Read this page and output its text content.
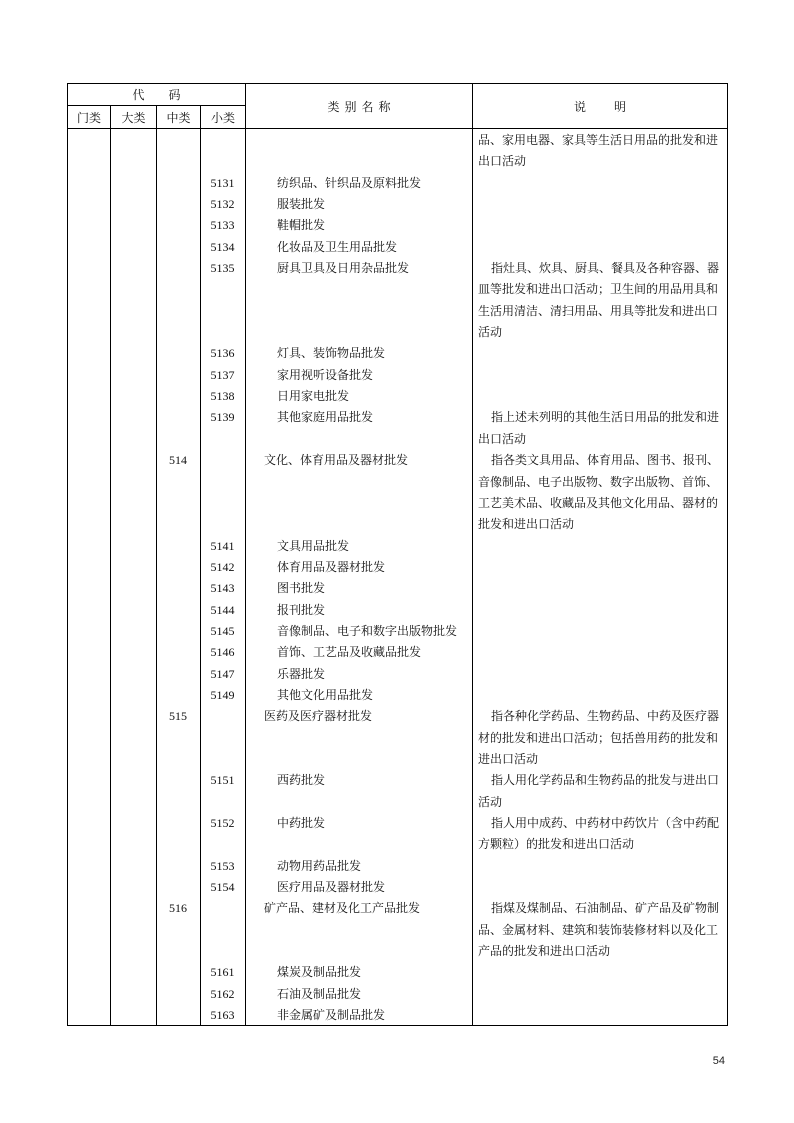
代 码
门类	大类	中类	小类
类 别 名 称	说 明
品、家用电器、家具等生活日用品的批发和进
出口活动
5131	纺织品、针织品及原料批发
5132	服装批发
5133	鞋帽批发
5134	化妆品及卫生用品批发
5135	厨具卫具及日用杂品批发	指灶具、炊具、厨具、餐具及各种容器、器
皿等批发和进出口活动；卫生间的用品用具和
生活用清洁、清扫用品、用具等批发和进出口
活动
5136	灯具、装饰物品批发
5137	家用视听设备批发
5138	日用家电批发
5139	其他家庭用品批发	指上述未列明的其他生活日用品的批发和进
出口活动
514	文化、体育用品及器材批发	指各类文具用品、体育用品、图书、报刊、
音像制品、电子出版物、数字出版物、首饰、
工艺美术品、收藏品及其他文化用品、器材的
批发和进出口活动
5141	文具用品批发
5142	体育用品及器材批发
5143	图书批发
5144	报刊批发
5145	音像制品、电子和数字出版物批发
5146	首饰、工艺品及收藏品批发
5147	乐器批发
5149	其他文化用品批发
515	医药及医疗器材批发	指各种化学药品、生物药品、中药及医疗器
材的批发和进出口活动；包括兽用药的批发和
进出口活动
5151	西药批发	指人用化学药品和生物药品的批发与进出口
活动
5152	中药批发	指人用中成药、中药材中药饮片（含中药配
方颗粒）的批发和进出口活动
5153	动物用药品批发
5154	医疗用品及器材批发
516	矿产品、建材及化工产品批发	指煤及煤制品、石油制品、矿产品及矿物制
品、金属材料、建筑和装饰装修材料以及化工
产品的批发和进出口活动
5161	煤炭及制品批发
5162	石油及制品批发
5163	非金属矿及制品批发
54
